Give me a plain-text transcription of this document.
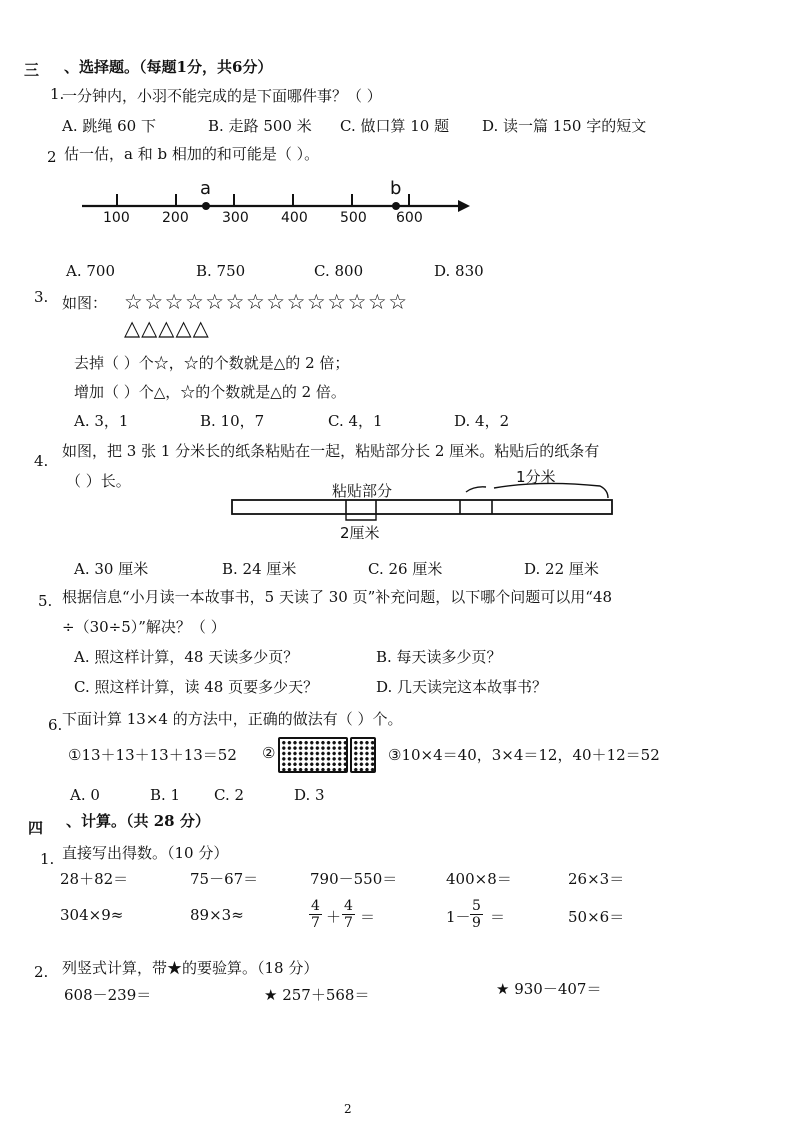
三 、选择题。（每题1分，共6分）
1.
一分钟内，小羽不能完成的是下面哪件事？（ ）
A. 跳绳 60 下	B. 走路 500 米 C. 做口算 10 题 D. 读一篇 150 字的短文
2 估一估，a 和 b 相加的和可能是（ ）。
a	b
100 200 300 400 500 600
A. 700	B. 750	C. 800	D. 830
3. 如图： ☆☆☆☆☆☆☆☆☆☆☆☆☆☆
△△△△△
去掉（ ）个☆，☆的个数就是△的 2 倍；
增加（ ）个△，☆的个数就是△的 2 倍。
A. 3，1	B. 10，7	C. 4，1	D. 4，2
4.
如图，把 3 张 1 分米长的纸条粘贴在一起，粘贴部分长 2 厘米。粘贴后的纸条有
（ ）长。
粘贴部分
1分米
2厘米
A. 30 厘米	B. 24 厘米	C. 26 厘米	D. 22 厘米
5. 根据信息“小月读一本故事书，5 天读了 30 页”补充问题，以下哪个问题可以用“48
÷（30÷5）”解决？（ ）
A. 照这样计算，48 天读多少页？	B. 每天读多少页？
C. 照这样计算，读 48 页要多少天？	D. 几天读完这本故事书？
6. 下面计算 13×4 的方法中，正确的做法有（ ）个。
①13＋13＋13＋13＝52 ②	③10×4＝40，3×4＝12，40＋12＝52
A. 0	B. 1 C. 2	D. 3
四 、计算。（共 28 分）
1. 直接写出得数。（10 分）
28＋82＝	75－67＝	790－550＝	400×8＝	26×3＝
304×9≈	89×3≈	$\frac{4}{7} + \frac{4}{7}$ ＝	$1- \frac{5}{9}$ ＝	50×6＝
2. 列竖式计算，带★的要验算。（18 分）
608－239＝	★ 257＋568＝	★ 930－407＝
2
